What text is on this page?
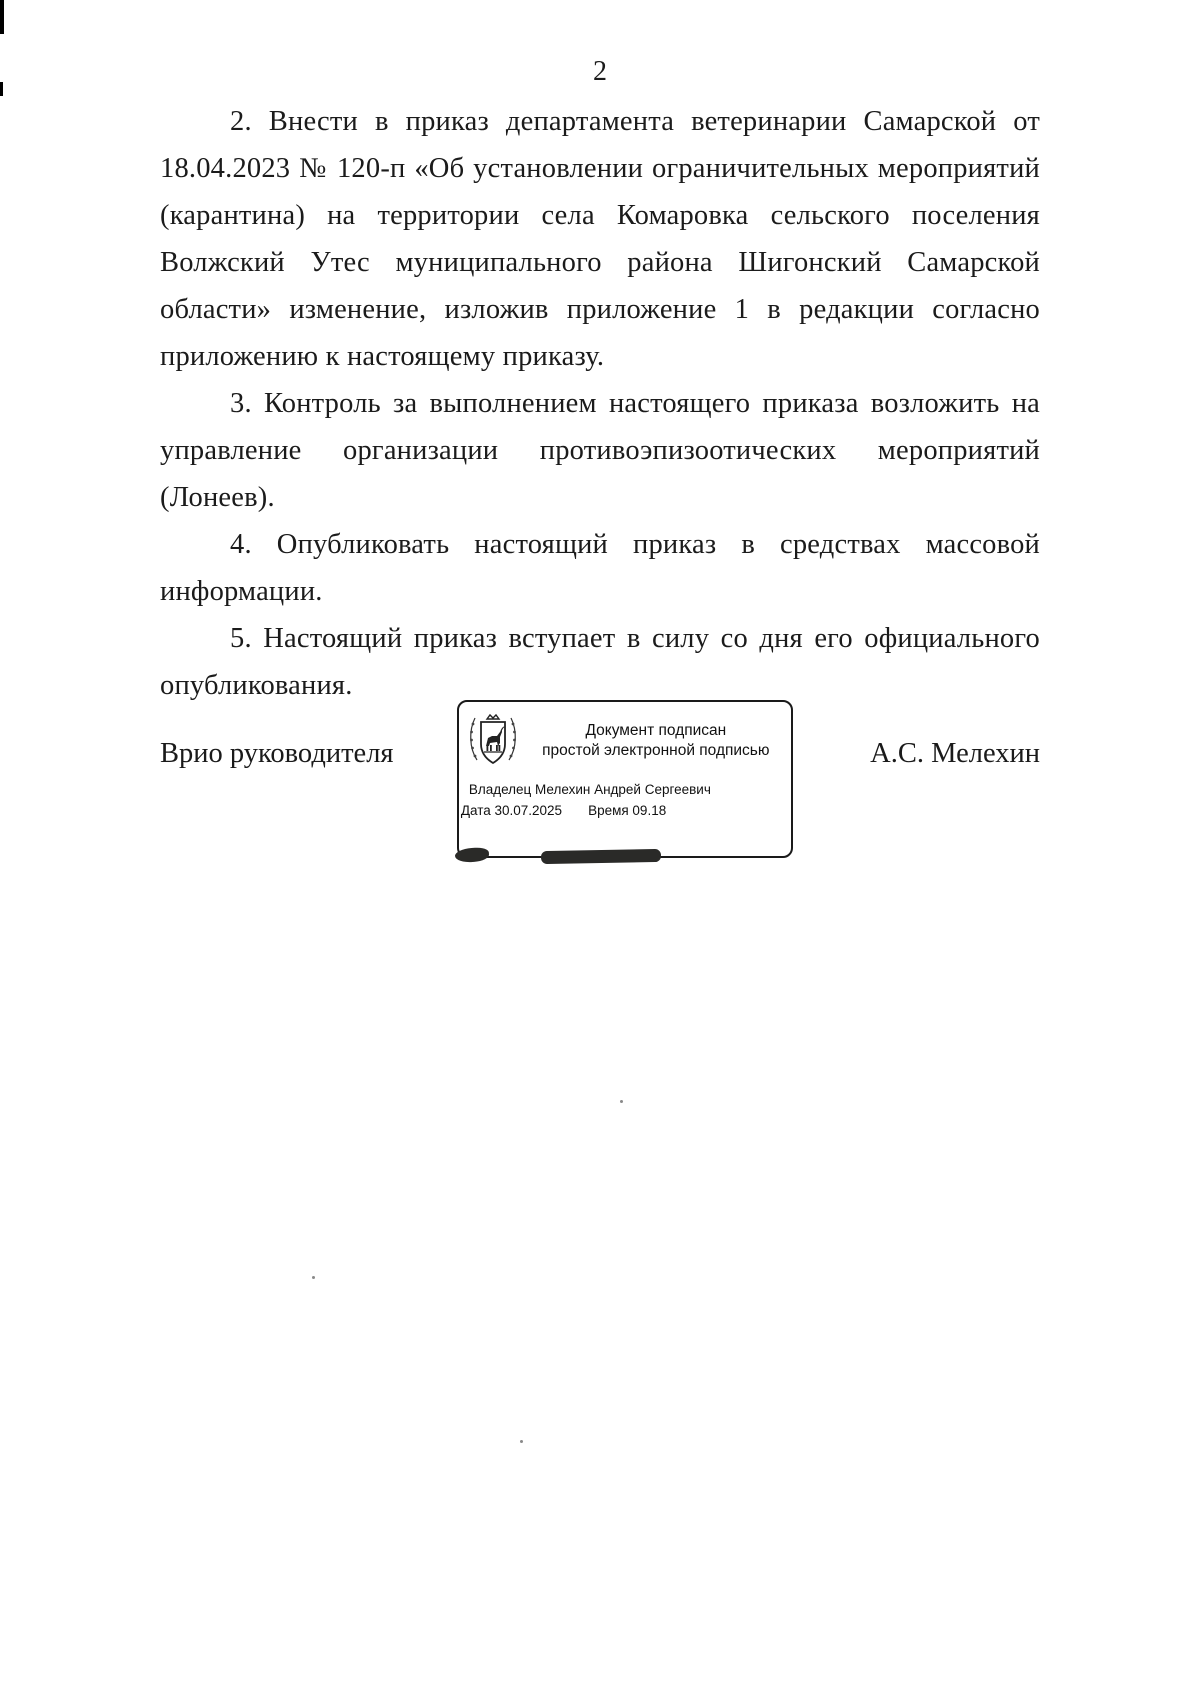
2

2. Внести в приказ департамента ветеринарии Самарской от 18.04.2023 № 120-п «Об установлении ограничительных мероприятий (карантина) на территории села Комаровка сельского поселения Волжский Утес муниципального района Шигонский Самарской области» изменение, изложив приложение 1 в редакции согласно приложению к настоящему приказу.

3. Контроль за выполнением настоящего приказа возложить на управление организации противоэпизоотических мероприятий (Лонеев).

4. Опубликовать настоящий приказ в средствах массовой информации.

5. Настоящий приказ вступает в силу со дня его официального опубликования.

Врио руководителя
Документ подписан
простой электронной подписью
Владелец Мелехин Андрей Сергеевич
Дата 30.07.2025 Время 09.18
А.С. Мелехин
